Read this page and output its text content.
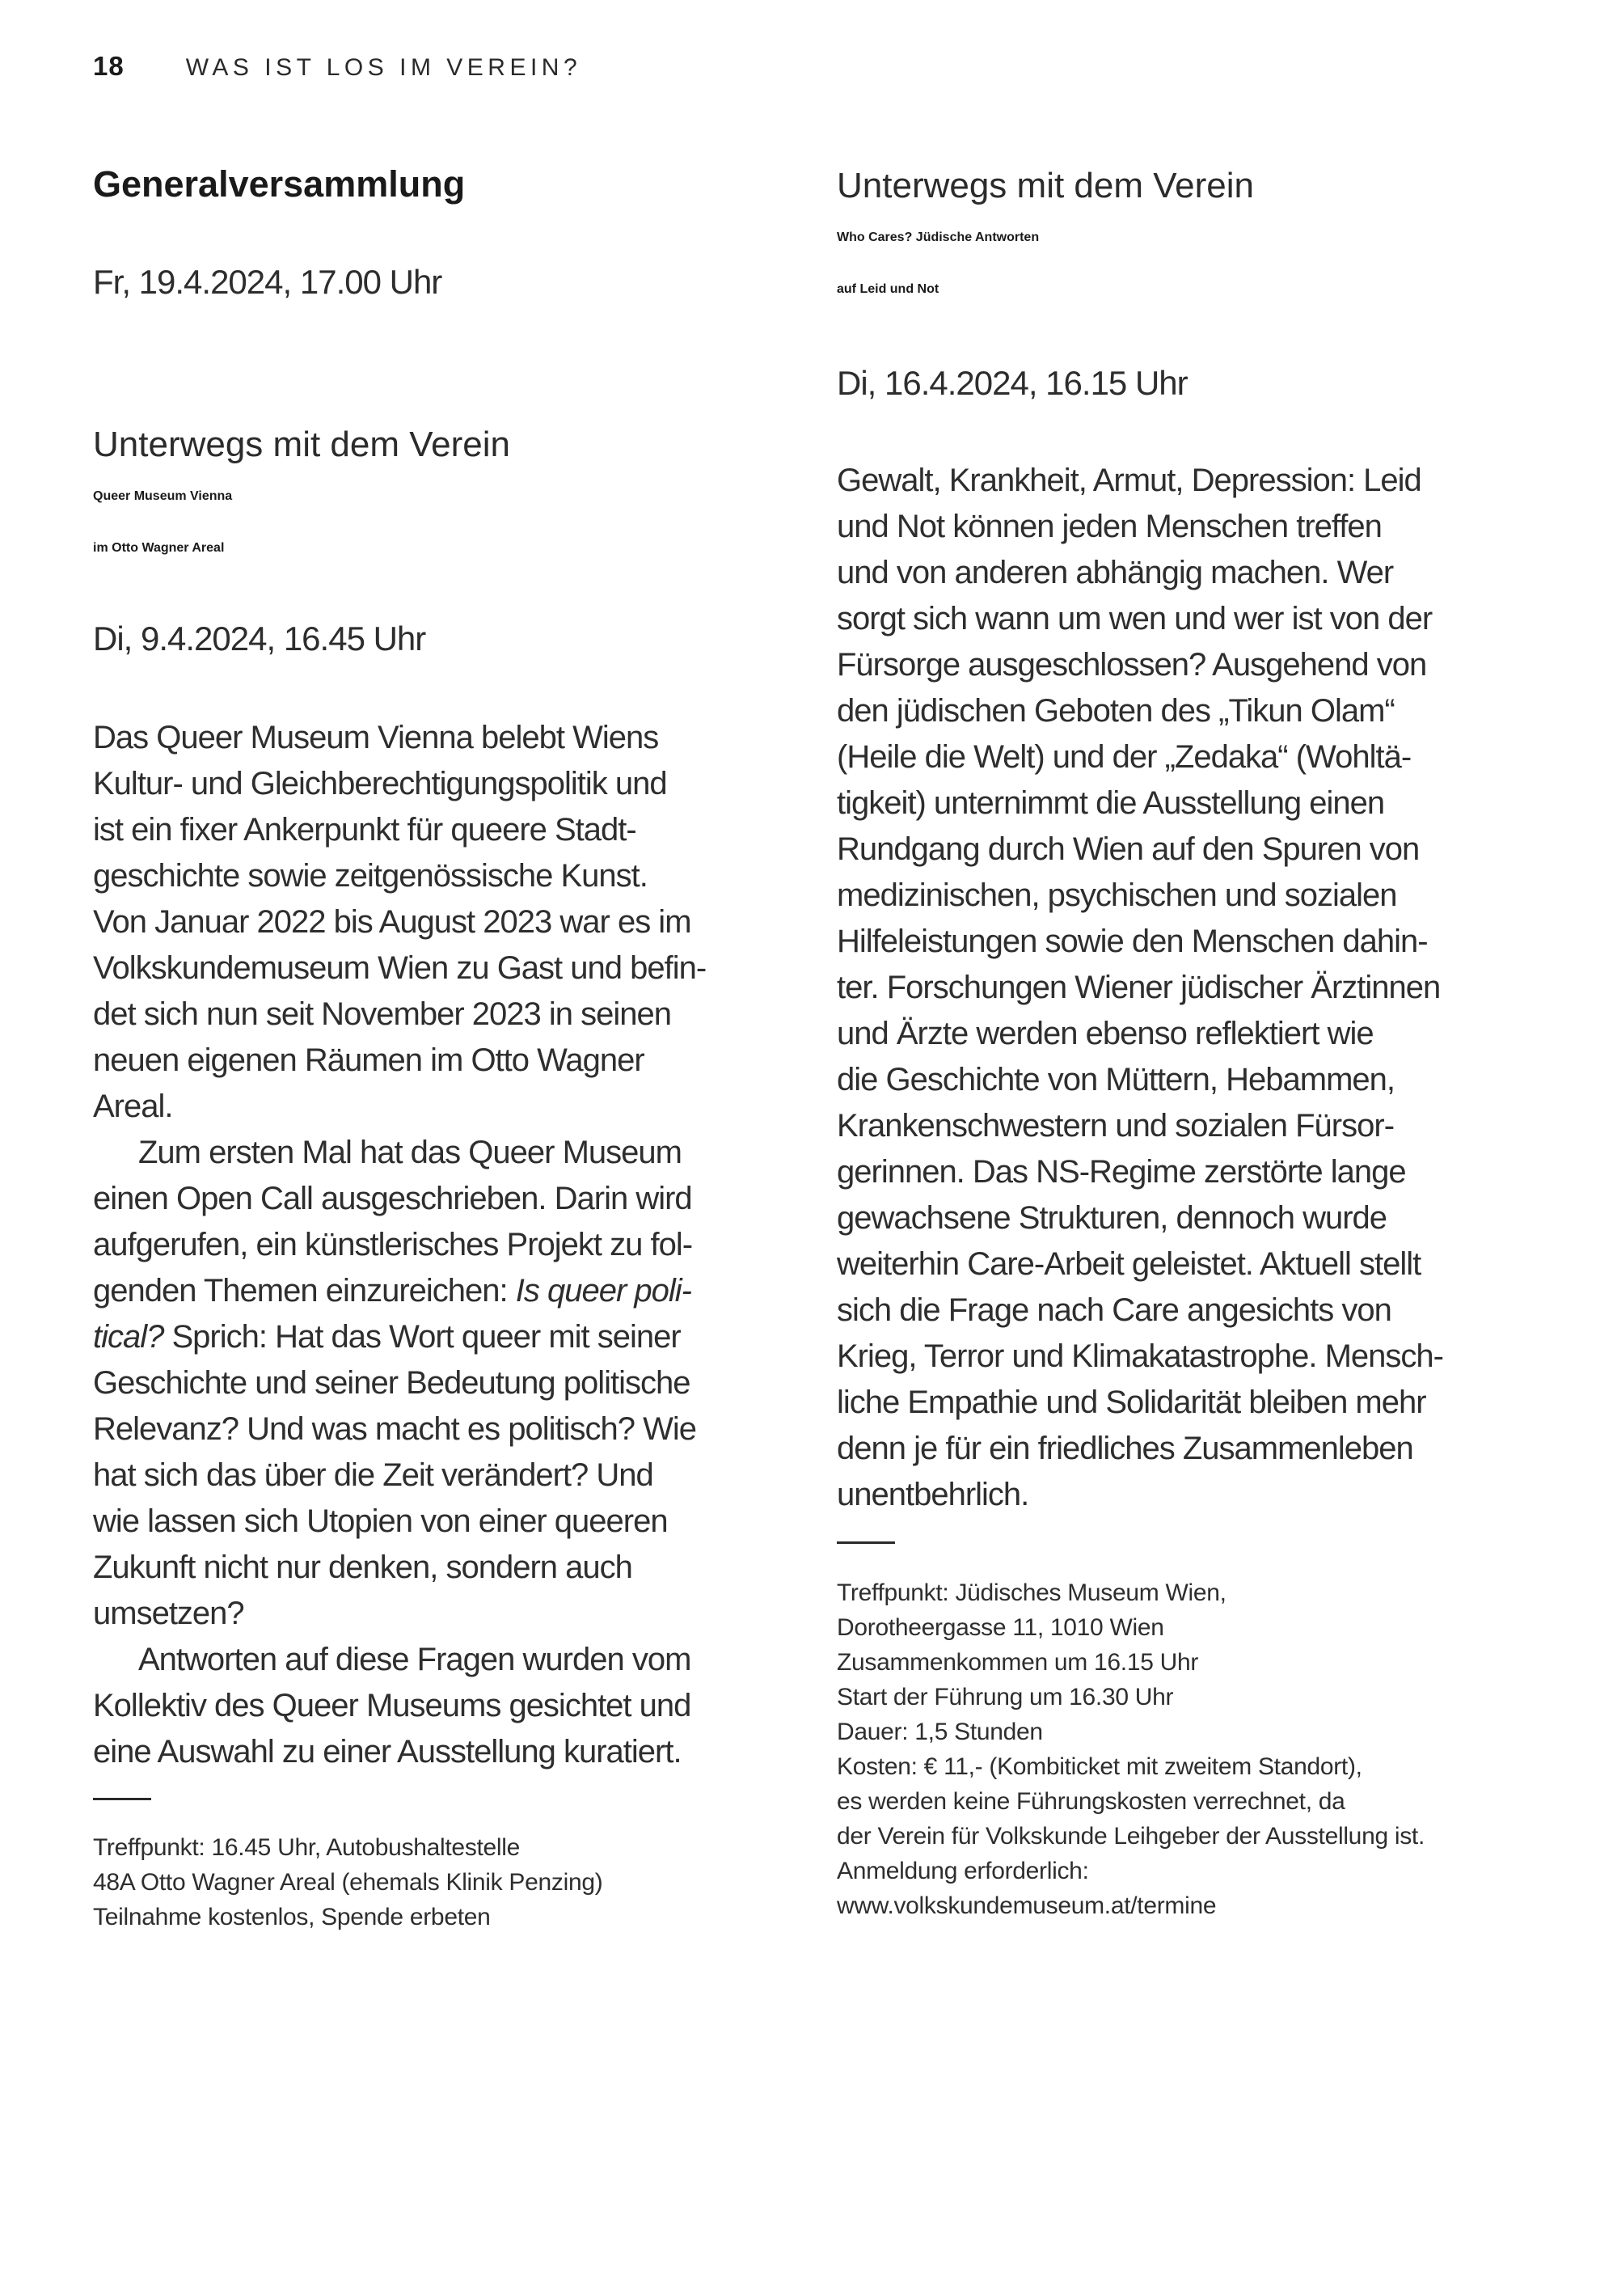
18	WAS IST LOS IM VEREIN?
Generalversammlung
Fr, 19.4.2024, 17.00 Uhr
Unterwegs mit dem Verein
Queer Museum Vienna
im Otto Wagner Areal
Di, 9.4.2024, 16.45 Uhr
Das Queer Museum Vienna belebt Wiens
Kultur- und Gleichberechtigungspolitik und
ist ein fixer Ankerpunkt für queere Stadt-
geschichte sowie zeitgenössische Kunst.
Von Januar 2022 bis August 2023 war es im
Volkskundemuseum Wien zu Gast und befin-
det sich nun seit November 2023 in seinen
neuen eigenen Räumen im Otto Wagner
Areal.
Zum ersten Mal hat das Queer Museum
einen Open Call ausgeschrieben. Darin wird
aufgerufen, ein künstlerisches Projekt zu fol-
genden Themen einzureichen: Is queer poli-
tical? Sprich: Hat das Wort queer mit seiner
Geschichte und seiner Bedeutung politische
Relevanz? Und was macht es politisch? Wie
hat sich das über die Zeit verändert? Und
wie lassen sich Utopien von einer queeren
Zukunft nicht nur denken, sondern auch
umsetzen?
Antworten auf diese Fragen wurden vom
Kollektiv des Queer Museums gesichtet und
eine Auswahl zu einer Ausstellung kuratiert.
Treffpunkt: 16.45 Uhr, Autobushaltestelle
48A Otto Wagner Areal (ehemals Klinik Penzing)
Teilnahme kostenlos, Spende erbeten
Unterwegs mit dem Verein
Who Cares? Jüdische Antworten
auf Leid und Not
Di, 16.4.2024, 16.15 Uhr
Gewalt, Krankheit, Armut, Depression: Leid
und Not können jeden Menschen treffen
und von anderen abhängig machen. Wer
sorgt sich wann um wen und wer ist von der
Fürsorge ausgeschlossen? Ausgehend von
den jüdischen Geboten des „Tikun Olam“
(Heile die Welt) und der „Zedaka“ (Wohltä-
tigkeit) unternimmt die Ausstellung einen
Rundgang durch Wien auf den Spuren von
medizinischen, psychischen und sozialen
Hilfeleistungen sowie den Menschen dahin-
ter. Forschungen Wiener jüdischer Ärztinnen
und Ärzte werden ebenso reflektiert wie
die Geschichte von Müttern, Hebammen,
Krankenschwestern und sozialen Fürsor-
gerinnen. Das NS-Regime zerstörte lange
gewachsene Strukturen, dennoch wurde
weiterhin Care-Arbeit geleistet. Aktuell stellt
sich die Frage nach Care angesichts von
Krieg, Terror und Klimakatastrophe. Mensch-
liche Empathie und Solidarität bleiben mehr
denn je für ein friedliches Zusammenleben
unentbehrlich.
Treffpunkt: Jüdisches Museum Wien,
Dorotheergasse 11, 1010 Wien
Zusammenkommen um 16.15 Uhr
Start der Führung um 16.30 Uhr
Dauer: 1,5 Stunden
Kosten: € 11,- (Kombiticket mit zweitem Standort),
es werden keine Führungskosten verrechnet, da
der Verein für Volkskunde Leihgeber der Ausstellung ist.
Anmeldung erforderlich:
www.volkskundemuseum.at/termine
